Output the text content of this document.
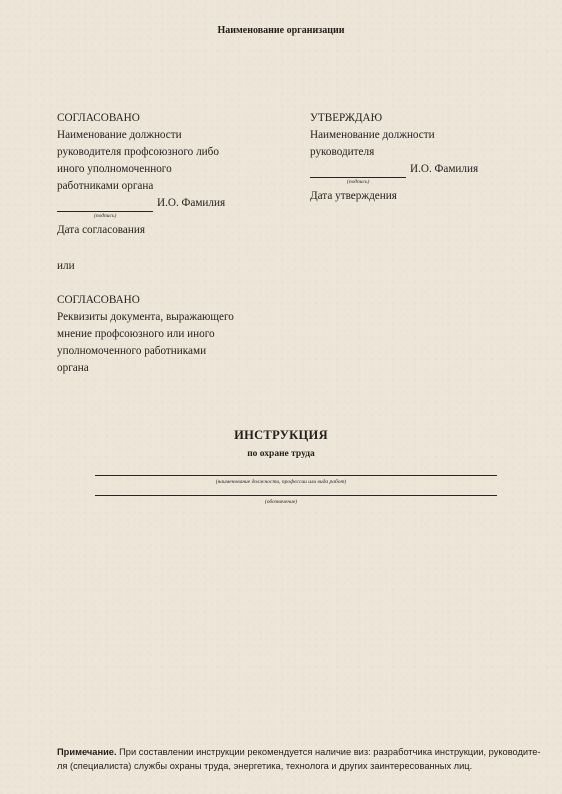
Наименование организации
СОГЛАСОВАНО
Наименование должности
руководителя профсоюзного либо
иного уполномоченного
работниками органа
И.О. Фамилия
(подпись)
Дата согласования
или
СОГЛАСОВАНО
Реквизиты документа, выражающего
мнение профсоюзного или иного
уполномоченного работниками
органа
УТВЕРЖДАЮ
Наименование должности
руководителя
И.О. Фамилия
(подпись)
Дата утверждения
ИНСТРУКЦИЯ
по охране труда
(наименование должности, профессии или вида работ)
(обозначение)
Примечание. При составлении инструкции рекомендуется наличие виз: разработчика инструкции, руководите-ля (специалиста) службы охраны труда, энергетика, технолога и других заинтересованных лиц.
